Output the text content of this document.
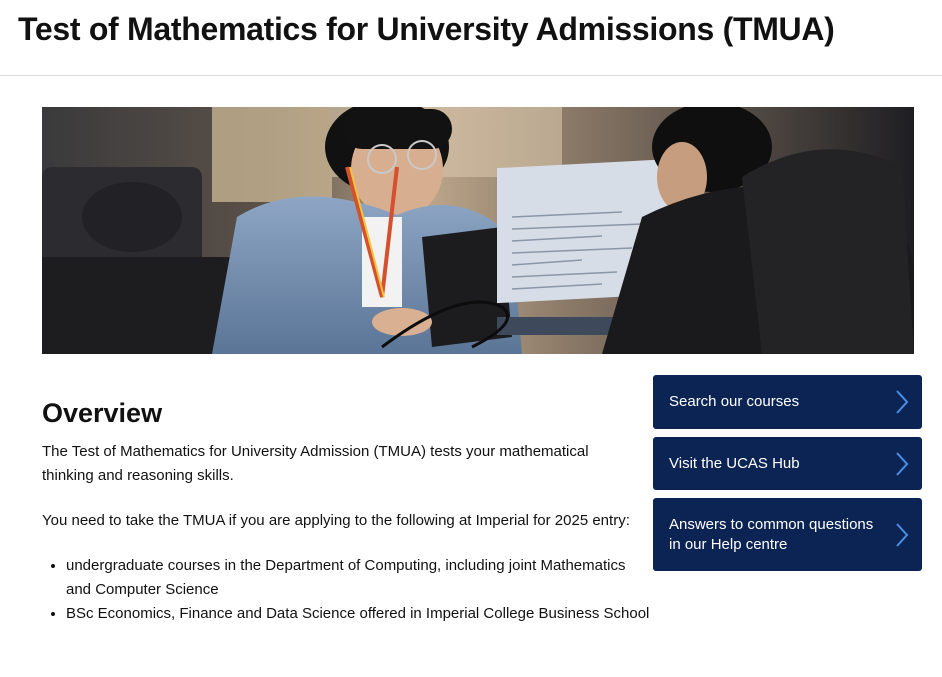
Test of Mathematics for University Admissions (TMUA)
Overview

The Test of Mathematics for University Admission (TMUA) tests your mathematical thinking and reasoning skills.

You need to take the TMUA if you are applying to the following at Imperial for 2025 entry:

• undergraduate courses in the Department of Computing, including joint Mathematics and Computer Science
• BSc Economics, Finance and Data Science offered in Imperial College Business School
Search our courses
Visit the UCAS Hub
Answers to common questions in our Help centre
